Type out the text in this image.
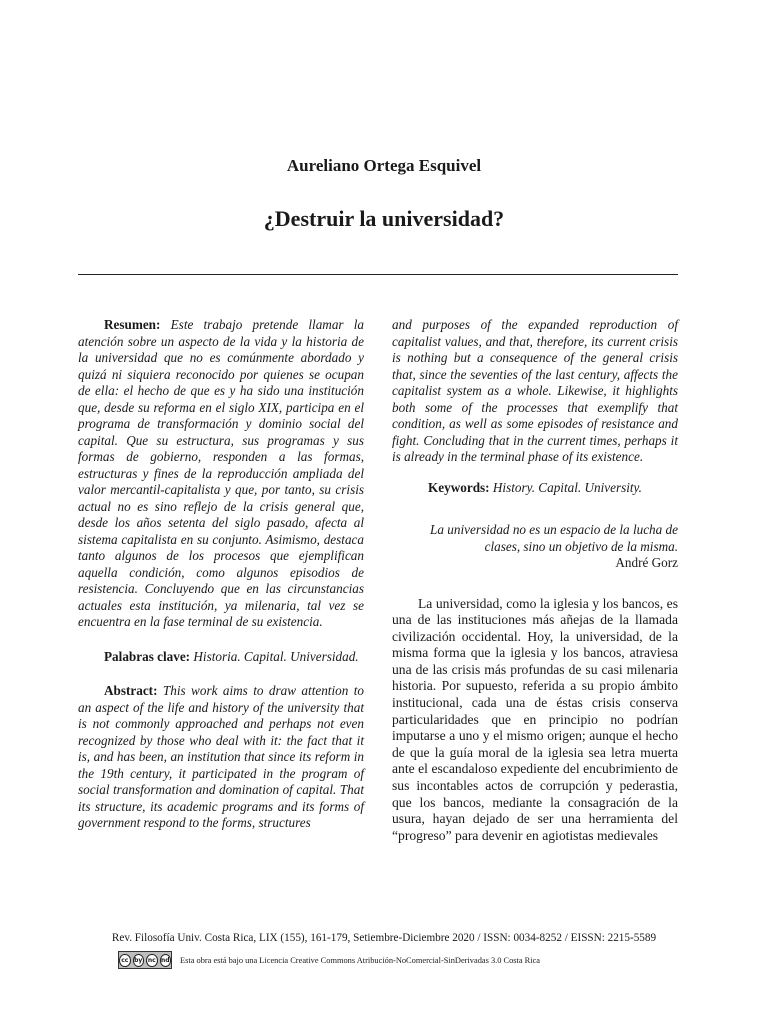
Aureliano Ortega Esquivel
¿Destruir la universidad?

Resumen: Este trabajo pretende llamar la atención sobre un aspecto de la vida y la historia de la universidad que no es comúnmente abordado y quizá ni siquiera reconocido por quienes se ocupan de ella: el hecho de que es y ha sido una institución que, desde su reforma en el siglo XIX, participa en el programa de transformación y dominio social del capital. Que su estructura, sus programas y sus formas de gobierno, responden a las formas, estructuras y fines de la reproducción ampliada del valor mercantil-capitalista y que, por tanto, su crisis actual no es sino reflejo de la crisis general que, desde los años setenta del siglo pasado, afecta al sistema capitalista en su conjunto. Asimismo, destaca tanto algunos de los procesos que ejemplifican aquella condición, como algunos episodios de resistencia. Concluyendo que en las circunstancias actuales esta institución, ya milenaria, tal vez se encuentra en la fase terminal de su existencia.

Palabras clave: Historia. Capital. Universidad.

Abstract: This work aims to draw attention to an aspect of the life and history of the university that is not commonly approached and perhaps not even recognized by those who deal with it: the fact that it is, and has been, an institution that since its reform in the 19th century, it participated in the program of social transformation and domination of capital. That its structure, its academic programs and its forms of government respond to the forms, structures

and purposes of the expanded reproduction of capitalist values, and that, therefore, its current crisis is nothing but a consequence of the general crisis that, since the seventies of the last century, affects the capitalist system as a whole. Likewise, it highlights both some of the processes that exemplify that condition, as well as some episodes of resistance and fight. Concluding that in the current times, perhaps it is already in the terminal phase of its existence.

Keywords: History. Capital. University.

La universidad no es un espacio de la lucha de clases, sino un objetivo de la misma.
André Gorz

La universidad, como la iglesia y los bancos, es una de las instituciones más añejas de la llamada civilización occidental. Hoy, la universidad, de la misma forma que la iglesia y los bancos, atraviesa una de las crisis más profundas de su casi milenaria historia. Por supuesto, referida a su propio ámbito institucional, cada una de éstas crisis conserva particularidades que en principio no podrían imputarse a uno y el mismo origen; aunque el hecho de que la guía moral de la iglesia sea letra muerta ante el escandaloso expediente del encubrimiento de sus incontables actos de corrupción y pederastia, que los bancos, mediante la consagración de la usura, hayan dejado de ser una herramienta del “progreso” para devenir en agiotistas medievales

Rev. Filosofía Univ. Costa Rica, LIX (155), 161-179, Setiembre-Diciembre 2020 / ISSN: 0034-8252 / EISSN: 2215-5589
cc by nc nd Esta obra está bajo una Licencia Creative Commons Atribución-NoComercial-SinDerivadas 3.0 Costa Rica
